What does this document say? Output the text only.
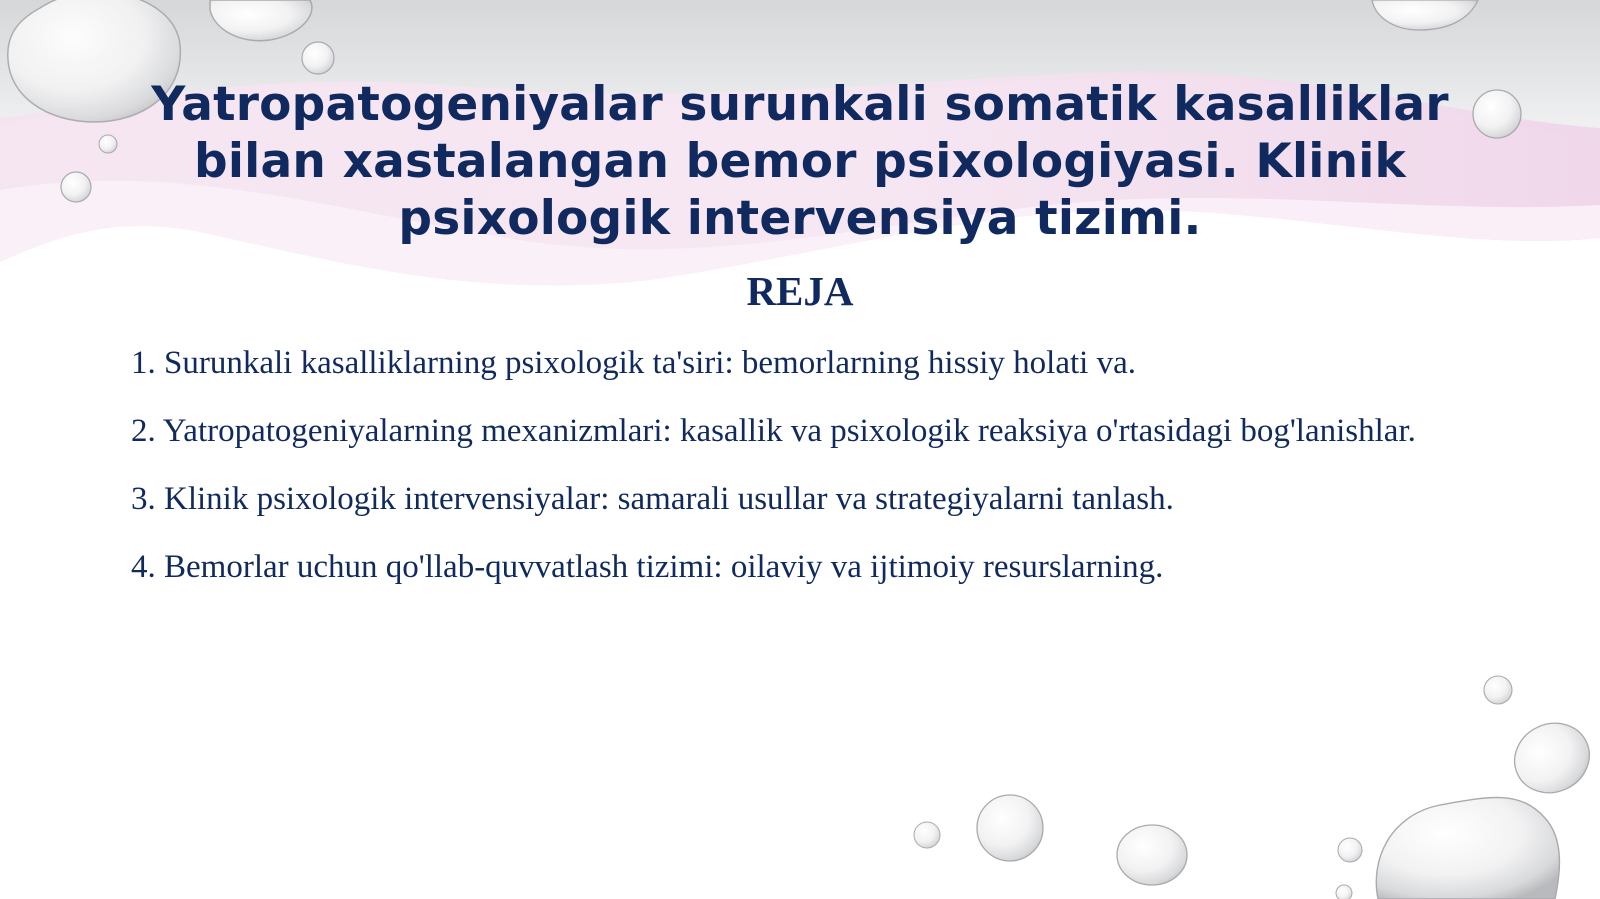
Yatropatogeniyalar surunkali somatik kasalliklar bilan xastalangan bemor psixologiyasi. Klinik psixologik intervensiya tizimi.
REJA
1. Surunkali kasalliklarning psixologik ta'siri: bemorlarning hissiy holati va.
2. Yatropatogeniyalarning mexanizmlari: kasallik va psixologik reaksiya o'rtasidagi bog'lanishlar.
3. Klinik psixologik intervensiyalar: samarali usullar va strategiyalarni tanlash.
4. Bemorlar uchun qo'llab-quvvatlash tizimi: oilaviy va ijtimoiy resurslarning.
